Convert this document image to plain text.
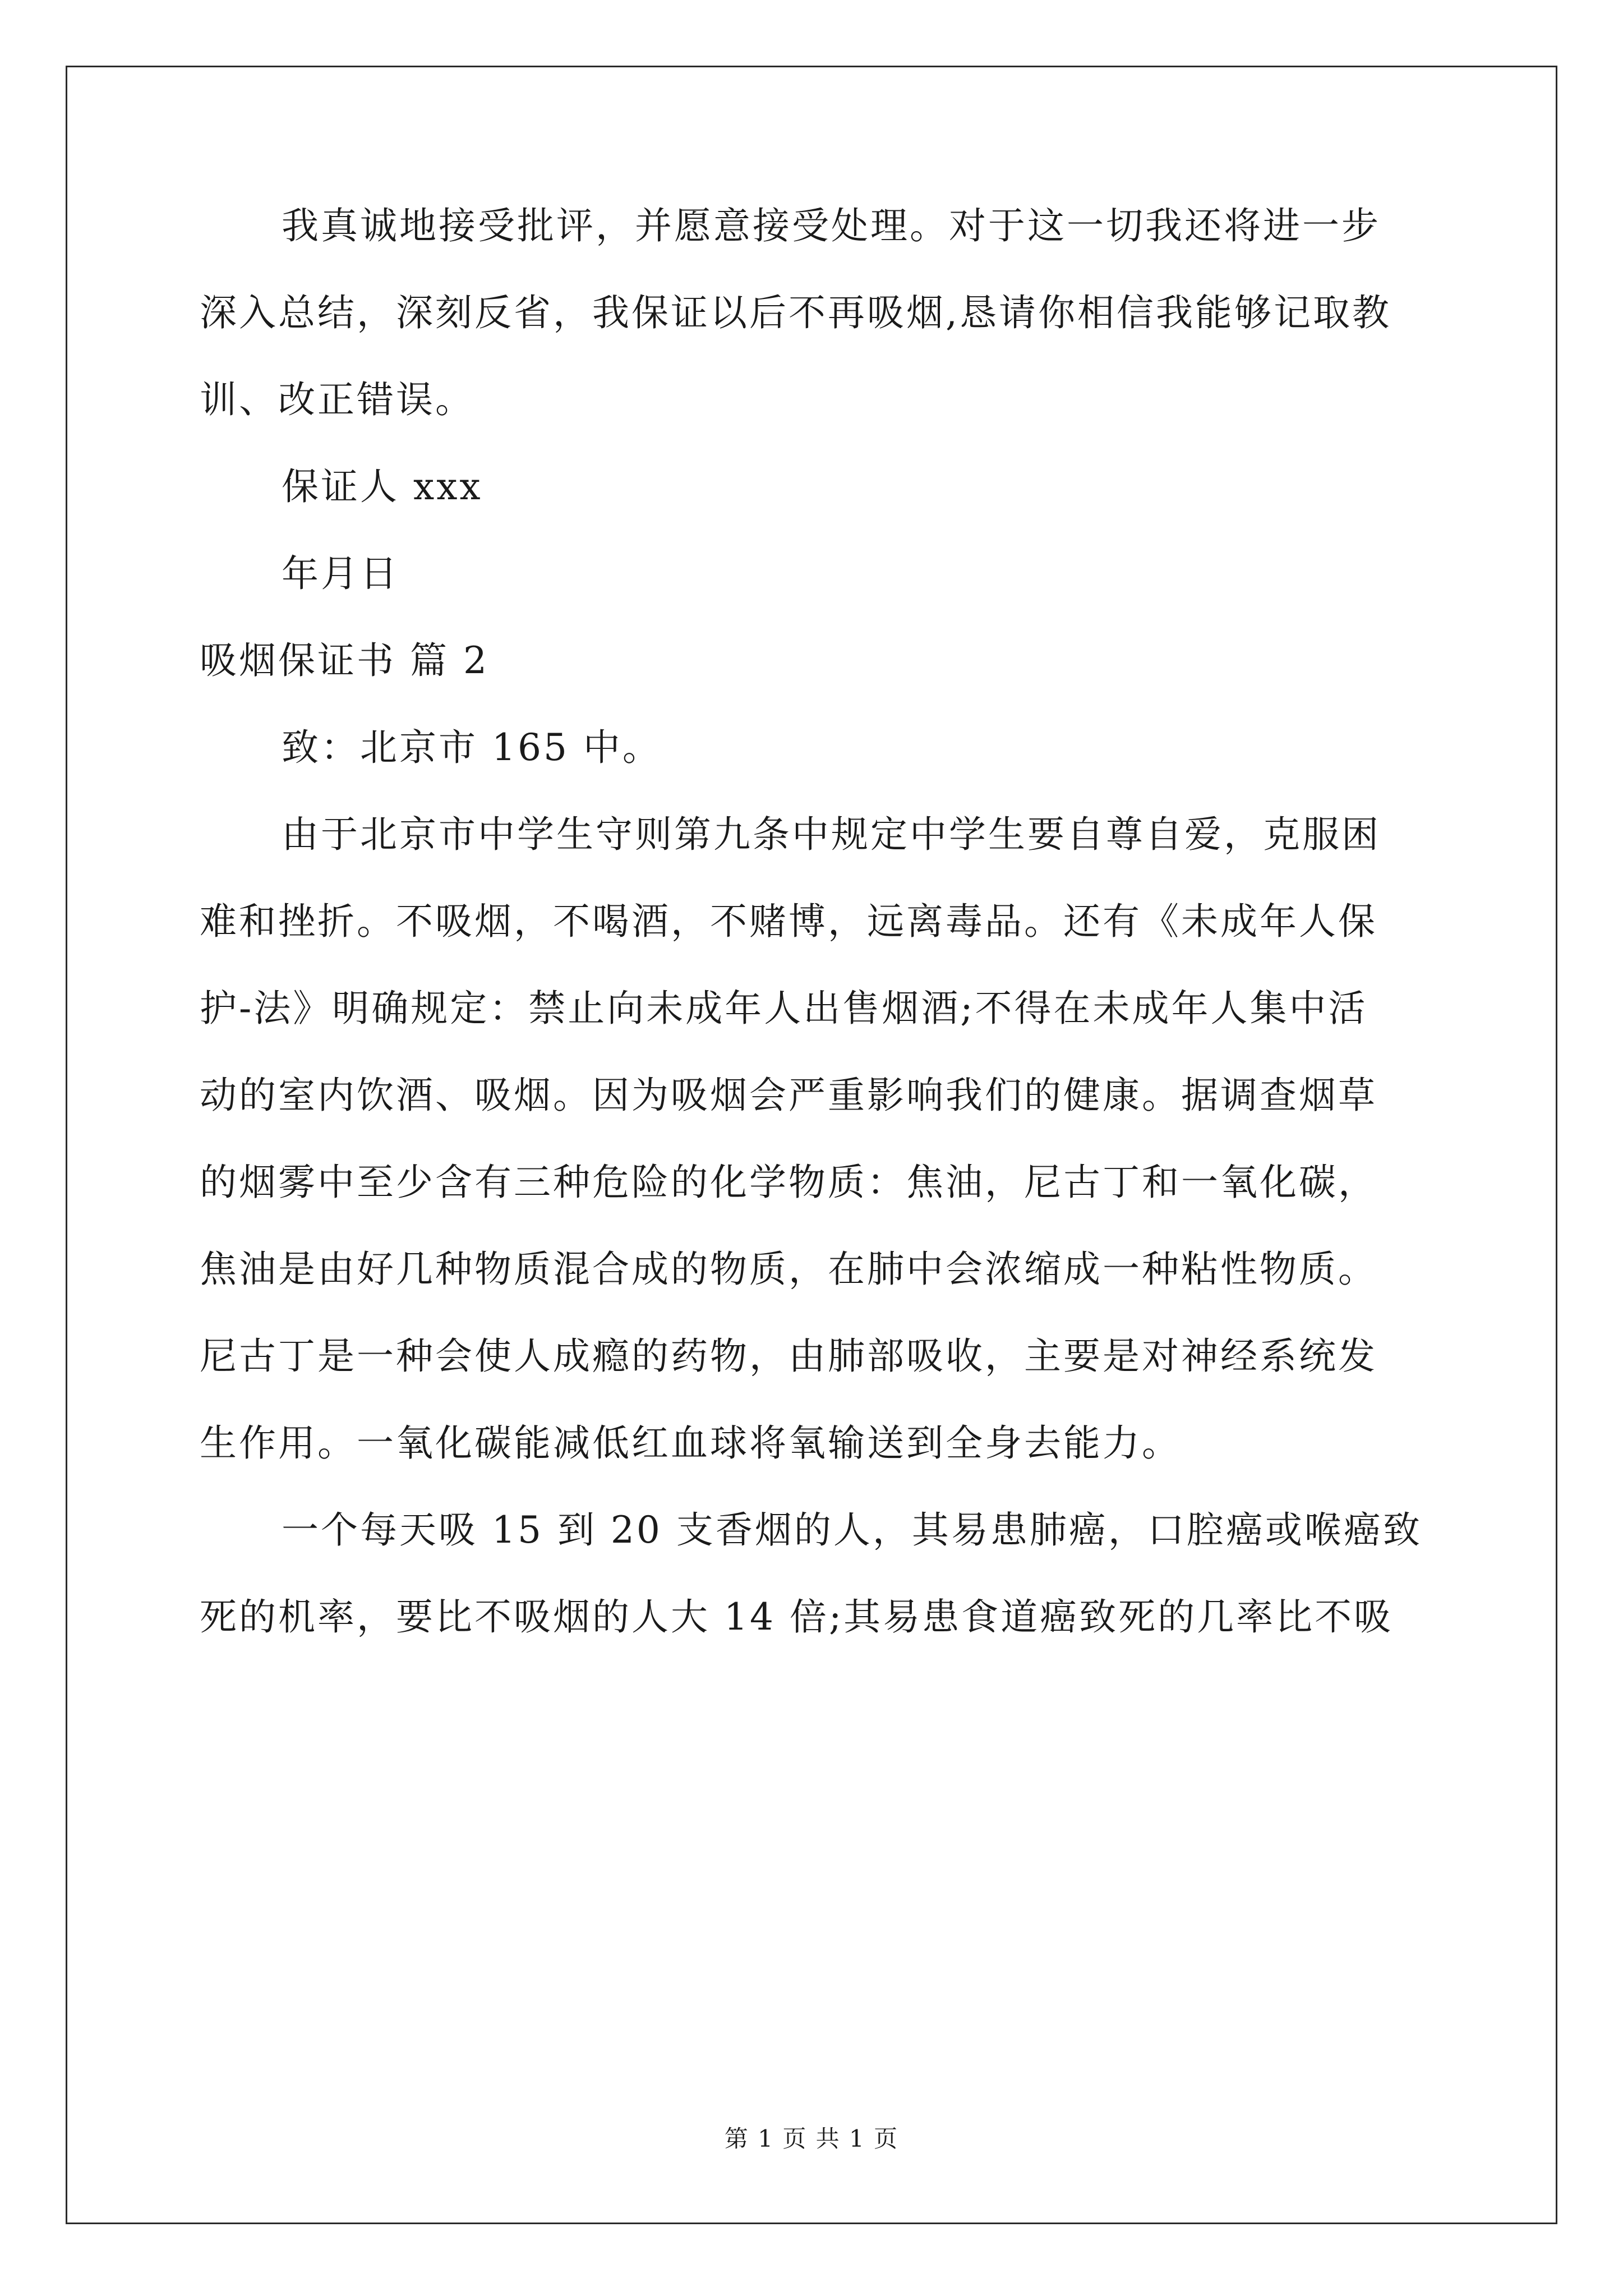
我真诚地接受批评，并愿意接受处理。对于这一切我还将进一步
深入总结，深刻反省，我保证以后不再吸烟,恳请你相信我能够记取教
训、改正错误。
保证人 xxx
年月日
吸烟保证书 篇 2
致：北京市 165 中。
由于北京市中学生守则第九条中规定中学生要自尊自爱，克服困
难和挫折。不吸烟，不喝酒，不赌博，远离毒品。还有《未成年人保
护-法》明确规定：禁止向未成年人出售烟酒;不得在未成年人集中活
动的室内饮酒、吸烟。因为吸烟会严重影响我们的健康。据调查烟草
的烟雾中至少含有三种危险的化学物质：焦油，尼古丁和一氧化碳，
焦油是由好几种物质混合成的物质，在肺中会浓缩成一种粘性物质。
尼古丁是一种会使人成瘾的药物，由肺部吸收，主要是对神经系统发
生作用。一氧化碳能减低红血球将氧输送到全身去能力。
一个每天吸 15 到 20 支香烟的人，其易患肺癌，口腔癌或喉癌致
死的机率，要比不吸烟的人大 14 倍;其易患食道癌致死的几率比不吸
第 1 页 共 1 页
